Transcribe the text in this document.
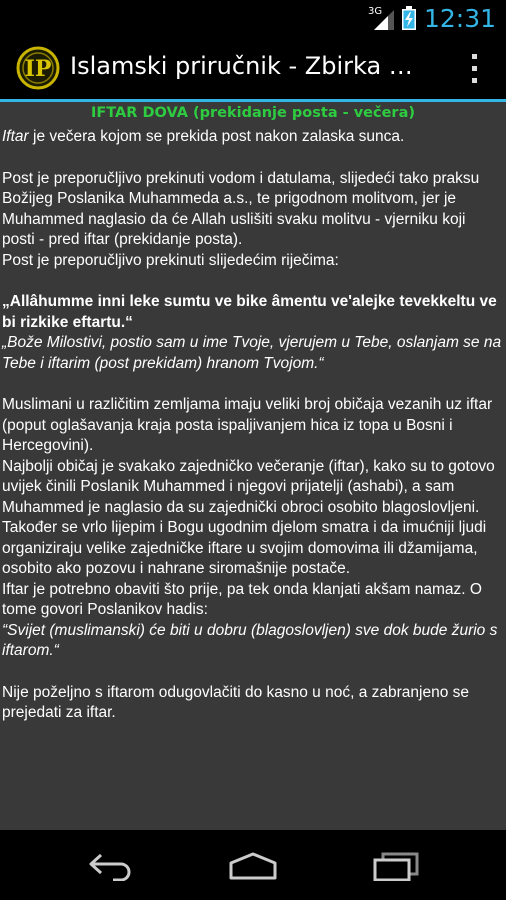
3G 12:31
IP Islamski priručnik - Zbirka D...
IFTAR DOVA (prekidanje posta - večera)

Iftar je večera kojom se prekida post nakon zalaska sunca.

Post je preporučljivo prekinuti vodom i datulama, slijedeći tako praksu Božijeg Poslanika Muhammeda a.s., te prigodnom molitvom, jer je Muhammed naglasio da će Allah uslišiti svaku molitvu - vjerniku koji posti - pred iftar (prekidanje posta).

Post je preporučljivo prekinuti slijedećim riječima:

„Allâhumme inni leke sumtu ve bike âmentu ve'alejke tevekkeltu ve bi rizkike eftartu.“

„Bože Milostivi, postio sam u ime Tvoje, vjerujem u Tebe, oslanjam se na Tebe i iftarim (post prekidam) hranom Tvojom.“

Muslimani u različitim zemljama imaju veliki broj običaja vezanih uz iftar (poput oglašavanja kraja posta ispaljivanjem hica iz topa u Bosni i Hercegovini).

Najbolji običaj je svakako zajedničko večeranje (iftar), kako su to gotovo uvijek činili Poslanik Muhammed i njegovi prijatelji (ashabi), a sam Muhammed je naglasio da su zajednički obroci osobito blagoslovljeni.

Također se vrlo lijepim i Bogu ugodnim djelom smatra i da imućniji ljudi organiziraju velike zajedničke iftare u svojim domovima ili džamijama, osobito ako pozovu i nahrane siromašnije postače.

Iftar je potrebno obaviti što prije, pa tek onda klanjati akšam namaz. O tome govori Poslanikov hadis:

“Svijet (muslimanski) će biti u dobru (blagoslovljen) sve dok bude žurio s iftarom.“

Nije poželjno s iftarom odugovlačiti do kasno u noć, a zabranjeno se prejedati za iftar.
